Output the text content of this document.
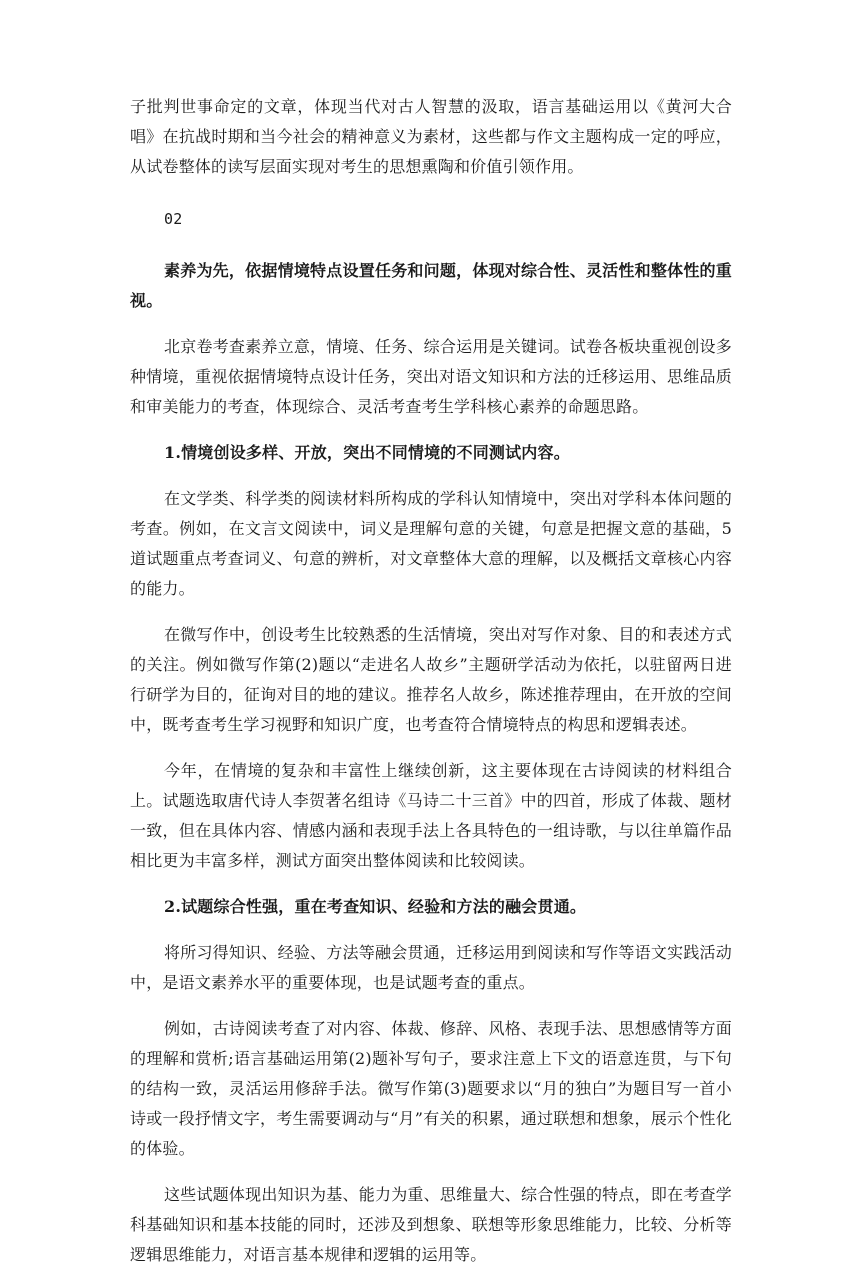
子批判世事命定的文章，体现当代对古人智慧的汲取，语言基础运用以《黄河大合唱》在抗战时期和当今社会的精神意义为素材，这些都与作文主题构成一定的呼应，从试卷整体的读写层面实现对考生的思想熏陶和价值引领作用。

02

素养为先，依据情境特点设置任务和问题，体现对综合性、灵活性和整体性的重视。

北京卷考查素养立意，情境、任务、综合运用是关键词。试卷各板块重视创设多种情境，重视依据情境特点设计任务，突出对语文知识和方法的迁移运用、思维品质和审美能力的考查，体现综合、灵活考查考生学科核心素养的命题思路。

1.情境创设多样、开放，突出不同情境的不同测试内容。

在文学类、科学类的阅读材料所构成的学科认知情境中，突出对学科本体问题的考查。例如，在文言文阅读中，词义是理解句意的关键，句意是把握文意的基础，5 道试题重点考查词义、句意的辨析，对文章整体大意的理解，以及概括文章核心内容的能力。

在微写作中，创设考生比较熟悉的生活情境，突出对写作对象、目的和表述方式的关注。例如微写作第(2)题以“走进名人故乡”主题研学活动为依托，以驻留两日进行研学为目的，征询对目的地的建议。推荐名人故乡，陈述推荐理由，在开放的空间中，既考查考生学习视野和知识广度，也考查符合情境特点的构思和逻辑表述。

今年，在情境的复杂和丰富性上继续创新，这主要体现在古诗阅读的材料组合上。试题选取唐代诗人李贺著名组诗《马诗二十三首》中的四首，形成了体裁、题材一致，但在具体内容、情感内涵和表现手法上各具特色的一组诗歌，与以往单篇作品相比更为丰富多样，测试方面突出整体阅读和比较阅读。

2.试题综合性强，重在考查知识、经验和方法的融会贯通。

将所习得知识、经验、方法等融会贯通，迁移运用到阅读和写作等语文实践活动中，是语文素养水平的重要体现，也是试题考查的重点。

例如，古诗阅读考查了对内容、体裁、修辞、风格、表现手法、思想感情等方面的理解和赏析;语言基础运用第(2)题补写句子，要求注意上下文的语意连贯，与下句的结构一致，灵活运用修辞手法。微写作第(3)题要求以“月的独白”为题目写一首小诗或一段抒情文字，考生需要调动与“月”有关的积累，通过联想和想象，展示个性化的体验。

这些试题体现出知识为基、能力为重、思维量大、综合性强的特点，即在考查学科基础知识和基本技能的同时，还涉及到想象、联想等形象思维能力，比较、分析等逻辑思维能力，对语言基本规律和逻辑的运用等。
